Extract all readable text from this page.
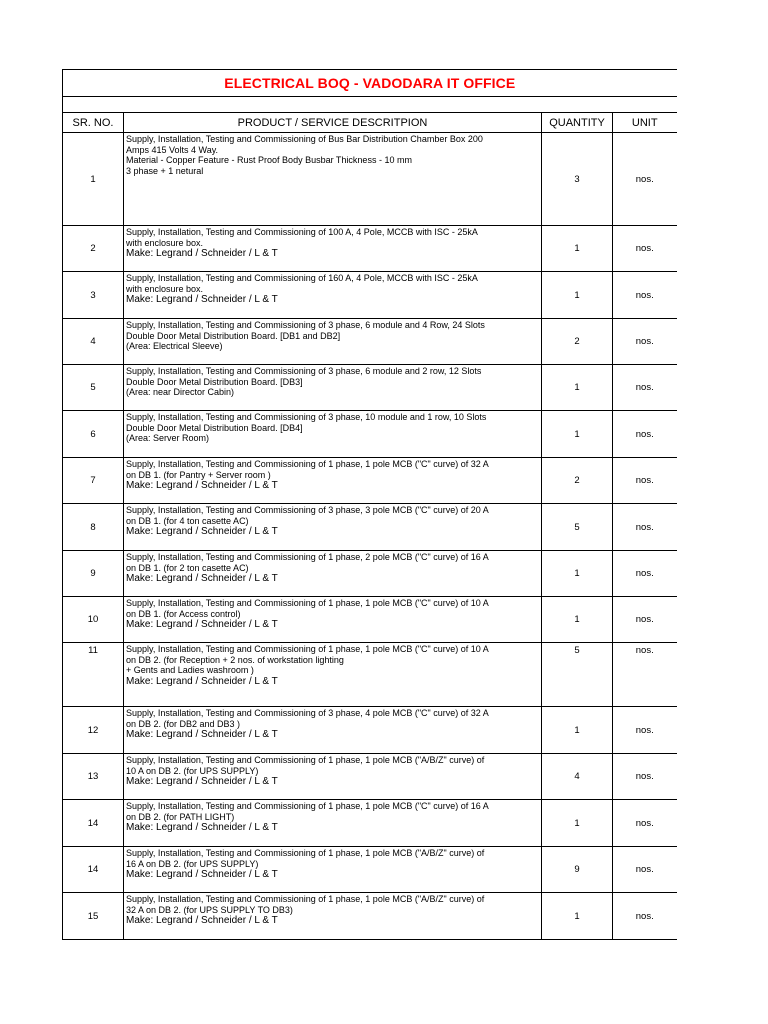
ELECTRICAL BOQ - VADODARA IT OFFICE			

SR. NO.	PRODUCT / SERVICE DESCRITPION	QUANTITY	UNIT
1	Supply, Installation, Testing and Commissioning of Bus Bar Distribution Chamber Box 200
Amps 415 Volts 4 Way.
Material - Copper Feature - Rust Proof Body Busbar Thickness - 10 mm
3 phase + 1 netural	3	nos.
2	Supply, Installation, Testing and Commissioning of 100 A, 4 Pole, MCCB with ISC - 25kA
with enclosure box.
Make: Legrand / Schneider / L & T	1	nos.
3	Supply, Installation, Testing and Commissioning of 160 A, 4 Pole, MCCB with ISC - 25kA
with enclosure box.
Make: Legrand / Schneider / L & T	1	nos.
4	Supply, Installation, Testing and Commissioning of 3 phase, 6 module and 4 Row, 24 Slots
Double Door Metal Distribution Board. [DB1 and DB2]
(Area: Electrical Sleeve)	2	nos.
5	Supply, Installation, Testing and Commissioning of 3 phase, 6 module and 2 row, 12 Slots
Double Door Metal Distribution Board. [DB3]
(Area: near Director Cabin)	1	nos.
6	Supply, Installation, Testing and Commissioning of 3 phase, 10 module and 1 row, 10 Slots
Double Door Metal Distribution Board. [DB4]
(Area: Server Room)	1	nos.
7	Supply, Installation, Testing and Commissioning of 1 phase, 1 pole MCB ("C" curve) of 32 A
on DB 1. (for Pantry + Server room )
Make: Legrand / Schneider / L & T	2	nos.
8	Supply, Installation, Testing and Commissioning of 3 phase, 3 pole MCB ("C" curve) of 20 A
on DB 1. (for 4 ton casette AC)
Make: Legrand / Schneider / L & T	5	nos.
9	Supply, Installation, Testing and Commissioning of 1 phase, 2 pole MCB ("C" curve) of 16 A
on DB 1. (for 2 ton casette AC)
Make: Legrand / Schneider / L & T	1	nos.
10	Supply, Installation, Testing and Commissioning of 1 phase, 1 pole MCB ("C" curve) of 10 A
on DB 1. (for Access control)
Make: Legrand / Schneider / L & T	1	nos.
11	Supply, Installation, Testing and Commissioning of 1 phase, 1 pole MCB ("C" curve) of 10 A
on DB 2. (for Reception + 2 nos. of workstation lighting
+ Gents and Ladies washroom )
Make: Legrand / Schneider / L & T	5	nos.
12	Supply, Installation, Testing and Commissioning of 3 phase, 4 pole MCB ("C" curve) of 32 A
on DB 2. (for DB2 and DB3 )
Make: Legrand / Schneider / L & T	1	nos.
13	Supply, Installation, Testing and Commissioning of 1 phase, 1 pole MCB ("A/B/Z" curve) of
10 A on DB 2. (for UPS SUPPLY)
Make: Legrand / Schneider / L & T	4	nos.
14	Supply, Installation, Testing and Commissioning of 1 phase, 1 pole MCB ("C" curve) of 16 A
on DB 2. (for PATH LIGHT)
Make: Legrand / Schneider / L & T	1	nos.
14	Supply, Installation, Testing and Commissioning of 1 phase, 1 pole MCB ("A/B/Z" curve) of
16 A on DB 2. (for UPS SUPPLY)
Make: Legrand / Schneider / L & T	9	nos.
15	Supply, Installation, Testing and Commissioning of 1 phase, 1 pole MCB ("A/B/Z" curve) of
32 A on DB 2. (for UPS SUPPLY TO DB3)
Make: Legrand / Schneider / L & T	1	nos.
